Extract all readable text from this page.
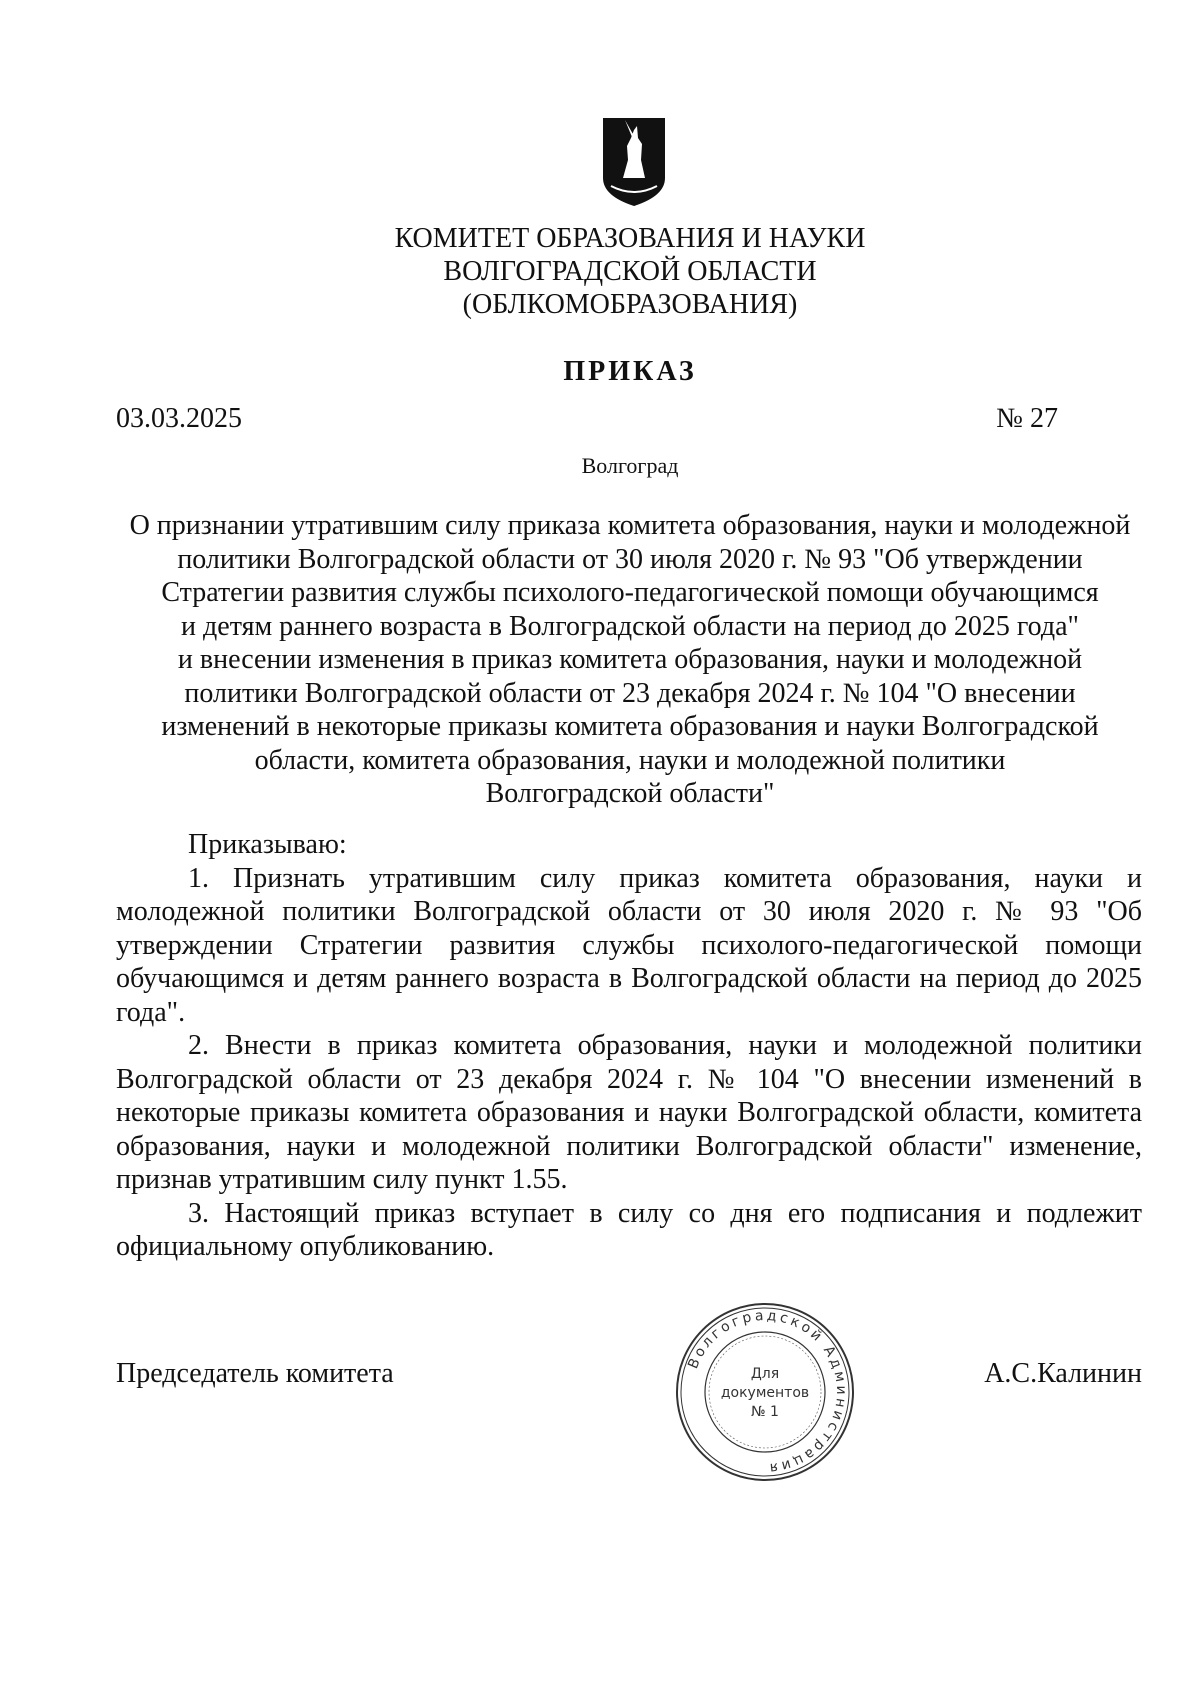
КОМИТЕТ ОБРАЗОВАНИЯ И НАУКИ
ВОЛГОГРАДСКОЙ ОБЛАСТИ
(ОБЛКОМОБРАЗОВАНИЯ)
ПРИКАЗ
03.03.2025	№ 27
Волгоград
О признании утратившим силу приказа комитета образования, науки и молодежной
политики Волгоградской области от 30 июля 2020 г. № 93 "Об утверждении
Стратегии развития службы психолого-педагогической помощи обучающимся
и детям раннего возраста в Волгоградской области на период до 2025 года"
и внесении изменения в приказ комитета образования, науки и молодежной
политики Волгоградской области от 23 декабря 2024 г. № 104 "О внесении
изменений в некоторые приказы комитета образования и науки Волгоградской
области, комитета образования, науки и молодежной политики
Волгоградской области"
Приказываю:

1. Признать утратившим силу приказ комитета образования, науки и молодежной политики Волгоградской области от 30 июля 2020 г. № 93 "Об утверждении Стратегии развития службы психолого-педагогической помощи обучающимся и детям раннего возраста в Волгоградской области на период до 2025 года".

2. Внести в приказ комитета образования, науки и молодежной политики Волгоградской области от 23 декабря 2024 г. № 104 "О внесении изменений в некоторые приказы комитета образования и науки Волгоградской области, комитета образования, науки и молодежной политики Волгоградской области" изменение, признав утратившим силу пункт 1.55.

3. Настоящий приказ вступает в силу со дня его подписания и подлежит официальному опубликованию.

Председатель комитета	А.С.Калинин
Волгоградской Администрация
Для
документов
№ 1
